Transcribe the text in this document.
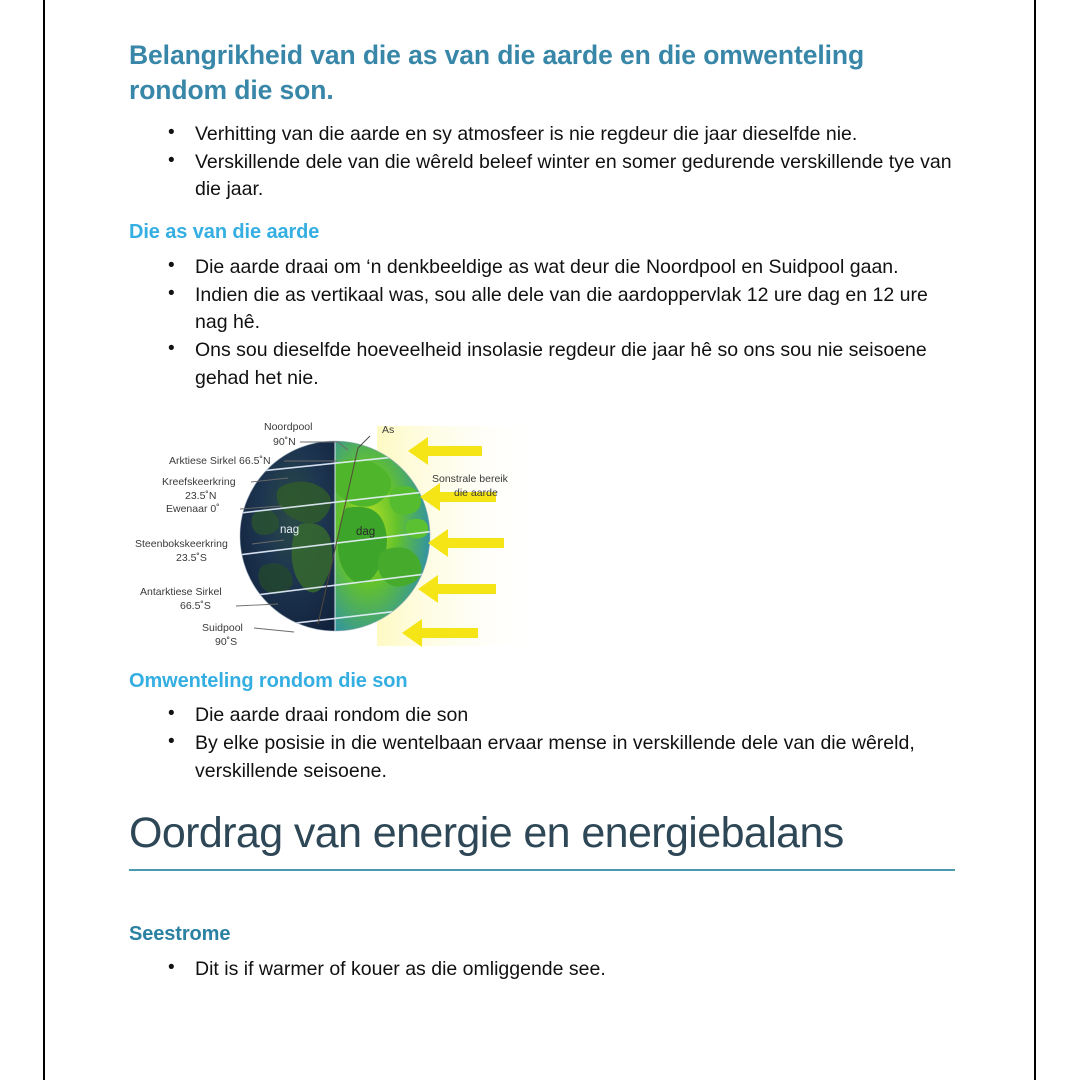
Belangrikheid van die as van die aarde en die omwenteling rondom die son.
• Verhitting van die aarde en sy atmosfeer is nie regdeur die jaar dieselfde nie.
• Verskillende dele van die wêreld beleef winter en somer gedurende verskillende tye van die jaar.
Die as van die aarde
• Die aarde draai om ‘n denkbeeldige as wat deur die Noordpool en Suidpool gaan.
• Indien die as vertikaal was, sou alle dele van die aardoppervlak 12 ure dag en 12 ure nag hê.
• Ons sou dieselfde hoeveelheid insolasie regdeur die jaar hê so ons sou nie seisoene gehad het nie.
Noordpool
90˚N
As
Arktiese Sirkel 66.5˚N
Kreefskeerkring
23.5˚N
Ewenaar 0˚
Steenbokskeerkring
23.5˚S
Antarktiese Sirkel
66.5˚S
Suidpool
90˚S
nag	dag
Sonstrale bereik
die aarde
Omwenteling rondom die son
• Die aarde draai rondom die son
• By elke posisie in die wentelbaan ervaar mense in verskillende dele van die wêreld, verskillende seisoene.
Oordrag van energie en energiebalans
Seestrome
• Dit is if warmer of kouer as die omliggende see.
